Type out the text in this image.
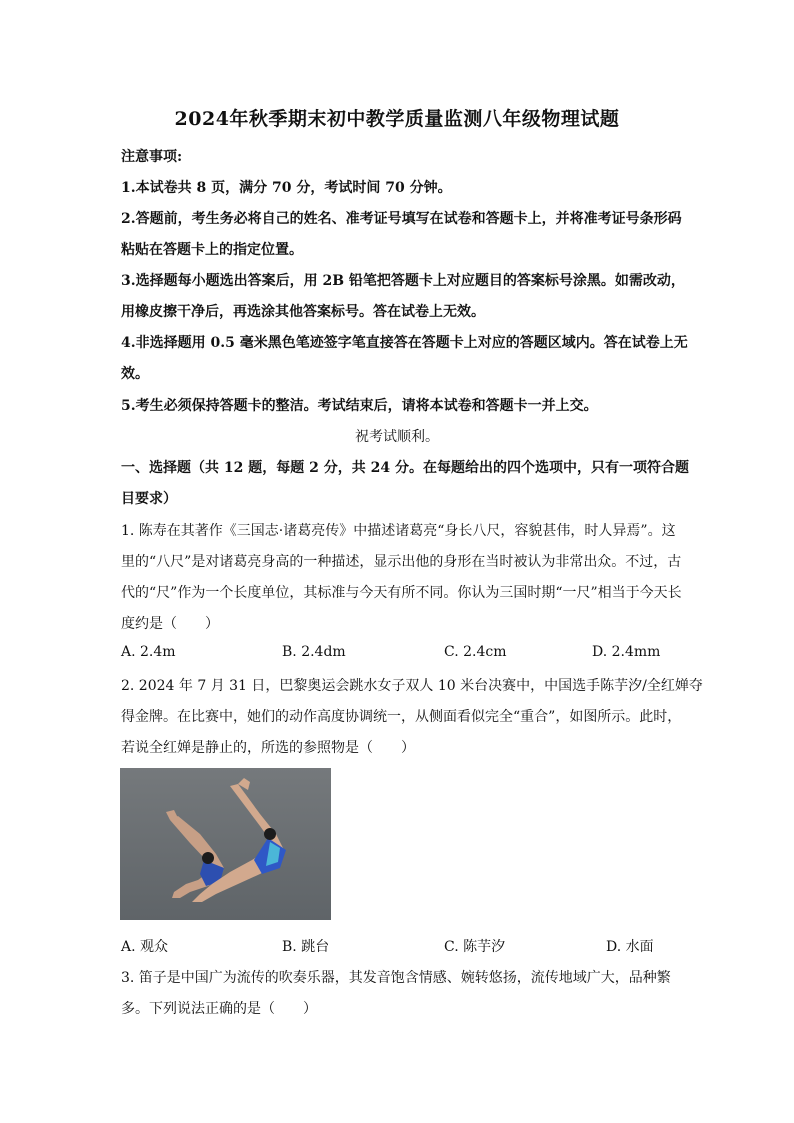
2024年秋季期末初中教学质量监测八年级物理试题
注意事项:
1.本试卷共 8 页，满分 70 分，考试时间 70 分钟。
2.答题前，考生务必将自己的姓名、准考证号填写在试卷和答题卡上，并将准考证号条形码
粘贴在答题卡上的指定位置。
3.选择题每小题选出答案后，用 2B 铅笔把答题卡上对应题目的答案标号涂黑。如需改动，
用橡皮擦干净后，再选涂其他答案标号。答在试卷上无效。
4.非选择题用 0.5 毫米黑色笔迹签字笔直接答在答题卡上对应的答题区域内。答在试卷上无
效。
5.考生必须保持答题卡的整洁。考试结束后，请将本试卷和答题卡一并上交。
祝考试顺利。
一、选择题（共 12 题，每题 2 分，共 24 分。在每题给出的四个选项中，只有一项符合题
目要求）
1. 陈寿在其著作《三国志·诸葛亮传》中描述诸葛亮“身长八尺，容貌甚伟，时人异焉”。这
里的“八尺”是对诸葛亮身高的一种描述，显示出他的身形在当时被认为非常出众。不过，古
代的“尺”作为一个长度单位，其标准与今天有所不同。你认为三国时期“一尺”相当于今天长
度约是（　　）
A. 2.4m	B. 2.4dm	C. 2.4cm	D. 2.4mm
2. 2024 年 7 月 31 日，巴黎奥运会跳水女子双人 10 米台决赛中，中国选手陈芋汐/全红婵夺
得金牌。在比赛中，她们的动作高度协调统一，从侧面看似完全“重合”，如图所示。此时，
若说全红婵是静止的，所选的参照物是（　　）
A. 观众	B. 跳台	C. 陈芋汐	D. 水面
3. 笛子是中国广为流传的吹奏乐器，其发音饱含情感、婉转悠扬，流传地域广大，品种繁
多。下列说法正确的是（　　）
